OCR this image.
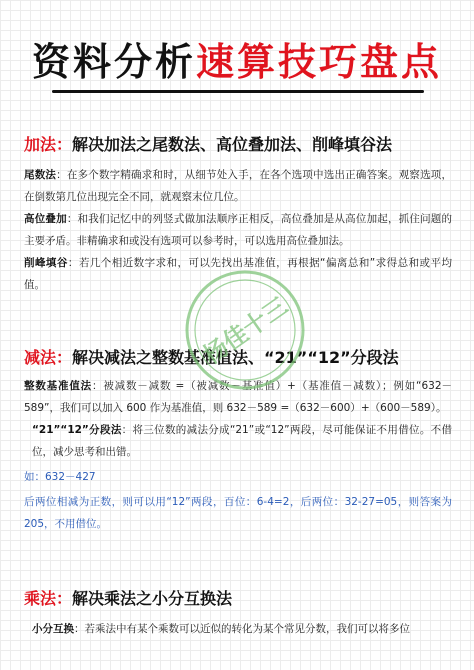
资料分析速算技巧盘点
加法：解决加法之尾数法、高位叠加法、削峰填谷法

尾数法：在多个数字精确求和时，从细节处入手，在各个选项中选出正确答案。观察选项，在倒数第几位出现完全不同，就观察末位几位。

高位叠加：和我们记忆中的列竖式做加法顺序正相反，高位叠加是从高位加起，抓住问题的主要矛盾。非精确求和或没有选项可以参考时，可以选用高位叠加法。

削峰填谷：若几个相近数字求和，可以先找出基准值，再根据“偏离总和”求得总和或平均值。

减法：解决减法之整数基准值法、“21”“12”分段法

整数基准值法：被减数－减数 =（被减数－基准值）+（基准值－减数）；例如“632－589”，我们可以加入 600 作为基准值，则 632－589 =（632－600）+（600－589）。

“21”“12”分段法：将三位数的减法分成“21”或“12”两段，尽可能保证不用借位。不借位，减少思考和出错。

如：632－427

后两位相减为正数，则可以用“12”两段，百位：6-4=2，后两位：32-27=05，则答案为 205，不用借位。

乘法：解决乘法之小分互换法

小分互换：若乘法中有某个乘数可以近似的转化为某个常见分数，我们可以将多位

杨佳十三
